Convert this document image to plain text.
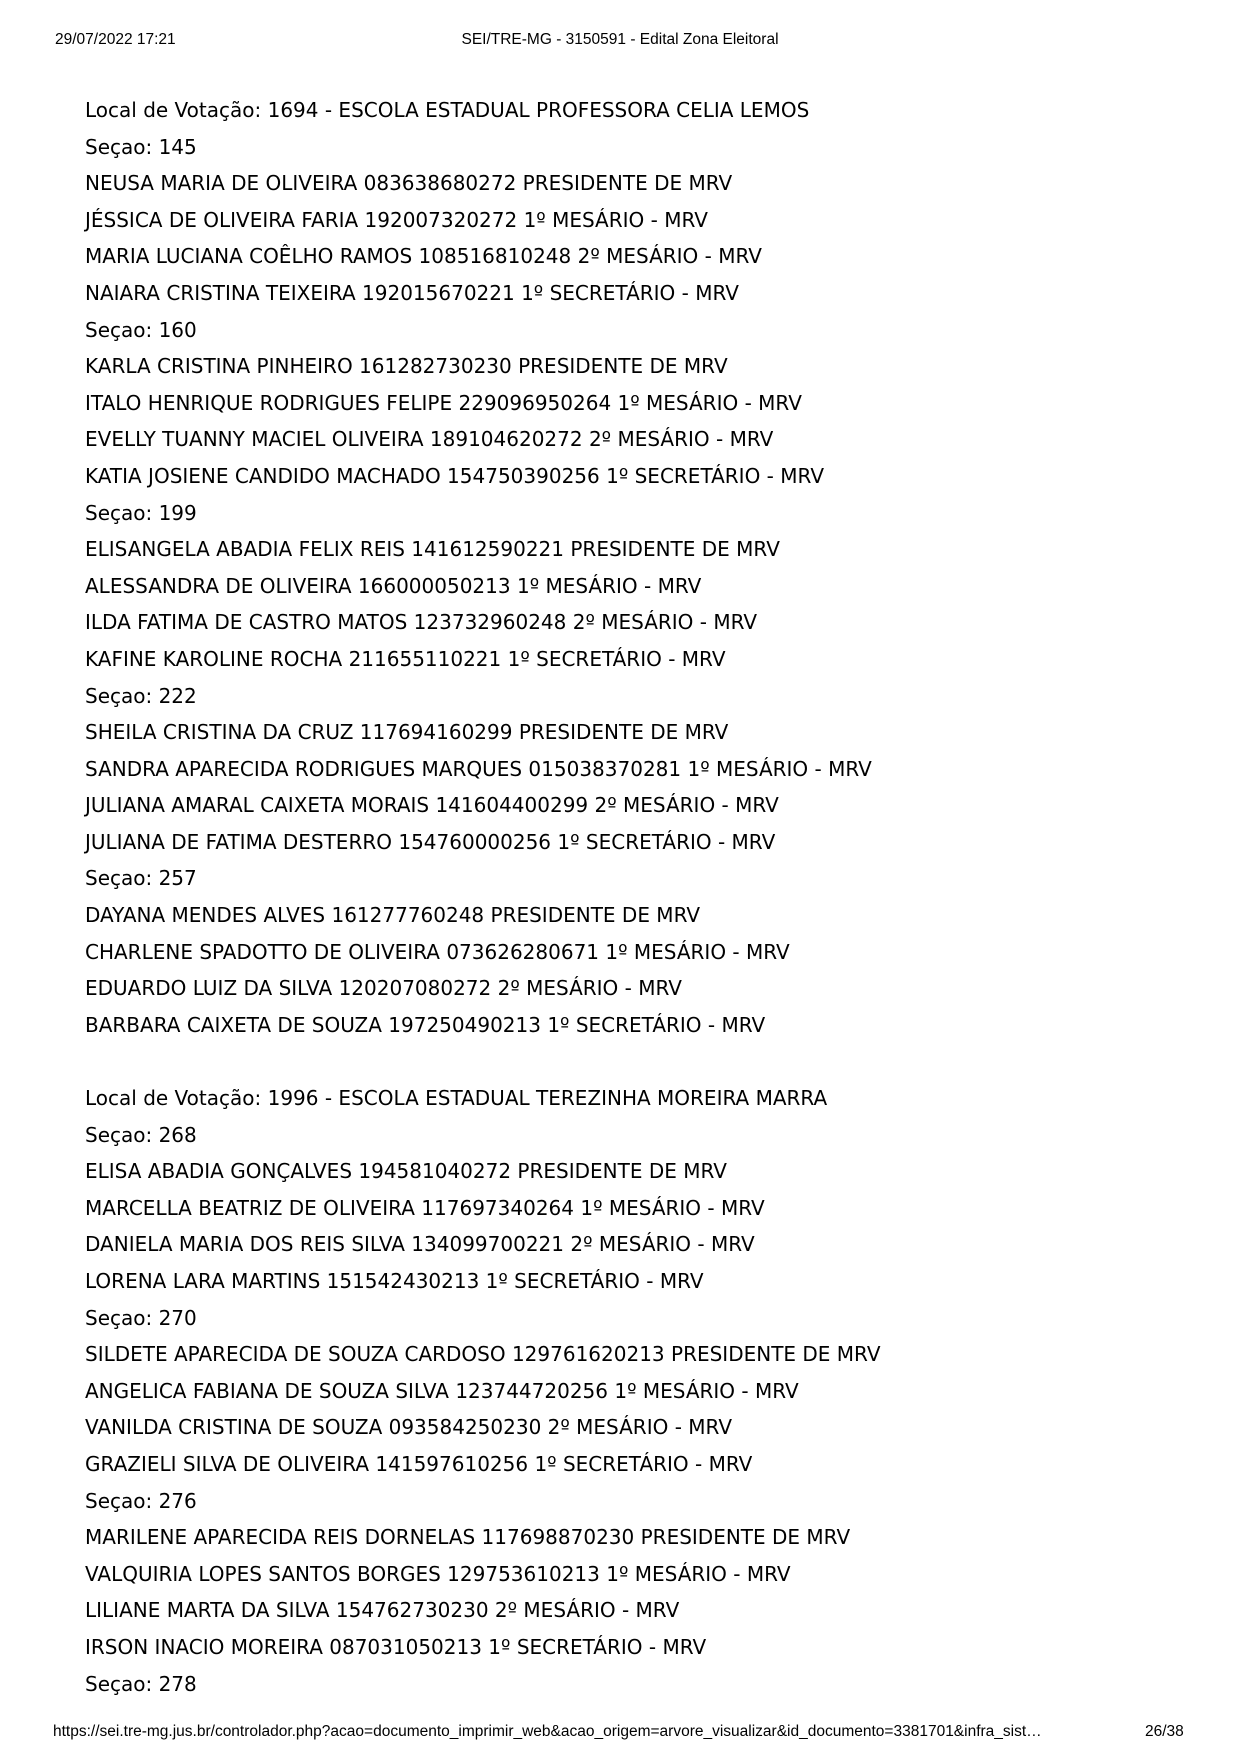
29/07/2022 17:21	SEI/TRE-MG - 3150591 - Edital Zona Eleitoral
Local de Votação: 1694 - ESCOLA ESTADUAL PROFESSORA CELIA LEMOS
Seçao: 145
NEUSA MARIA DE OLIVEIRA 083638680272 PRESIDENTE DE MRV
JÉSSICA DE OLIVEIRA FARIA 192007320272 1º MESÁRIO - MRV
MARIA LUCIANA COÊLHO RAMOS 108516810248 2º MESÁRIO - MRV
NAIARA CRISTINA TEIXEIRA 192015670221 1º SECRETÁRIO - MRV
Seçao: 160
KARLA CRISTINA PINHEIRO 161282730230 PRESIDENTE DE MRV
ITALO HENRIQUE RODRIGUES FELIPE 229096950264 1º MESÁRIO - MRV
EVELLY TUANNY MACIEL OLIVEIRA 189104620272 2º MESÁRIO - MRV
KATIA JOSIENE CANDIDO MACHADO 154750390256 1º SECRETÁRIO - MRV
Seçao: 199
ELISANGELA ABADIA FELIX REIS 141612590221 PRESIDENTE DE MRV
ALESSANDRA DE OLIVEIRA 166000050213 1º MESÁRIO - MRV
ILDA FATIMA DE CASTRO MATOS 123732960248 2º MESÁRIO - MRV
KAFINE KAROLINE ROCHA 211655110221 1º SECRETÁRIO - MRV
Seçao: 222
SHEILA CRISTINA DA CRUZ 117694160299 PRESIDENTE DE MRV
SANDRA APARECIDA RODRIGUES MARQUES 015038370281 1º MESÁRIO - MRV
JULIANA AMARAL CAIXETA MORAIS 141604400299 2º MESÁRIO - MRV
JULIANA DE FATIMA DESTERRO 154760000256 1º SECRETÁRIO - MRV
Seçao: 257
DAYANA MENDES ALVES 161277760248 PRESIDENTE DE MRV
CHARLENE SPADOTTO DE OLIVEIRA 073626280671 1º MESÁRIO - MRV
EDUARDO LUIZ DA SILVA 120207080272 2º MESÁRIO - MRV
BARBARA CAIXETA DE SOUZA 197250490213 1º SECRETÁRIO - MRV
Local de Votação: 1996 - ESCOLA ESTADUAL TEREZINHA MOREIRA MARRA
Seçao: 268
ELISA ABADIA GONÇALVES 194581040272 PRESIDENTE DE MRV
MARCELLA BEATRIZ DE OLIVEIRA 117697340264 1º MESÁRIO - MRV
DANIELA MARIA DOS REIS SILVA 134099700221 2º MESÁRIO - MRV
LORENA LARA MARTINS 151542430213 1º SECRETÁRIO - MRV
Seçao: 270
SILDETE APARECIDA DE SOUZA CARDOSO 129761620213 PRESIDENTE DE MRV
ANGELICA FABIANA DE SOUZA SILVA 123744720256 1º MESÁRIO - MRV
VANILDA CRISTINA DE SOUZA 093584250230 2º MESÁRIO - MRV
GRAZIELI SILVA DE OLIVEIRA 141597610256 1º SECRETÁRIO - MRV
Seçao: 276
MARILENE APARECIDA REIS DORNELAS 117698870230 PRESIDENTE DE MRV
VALQUIRIA LOPES SANTOS BORGES 129753610213 1º MESÁRIO - MRV
LILIANE MARTA DA SILVA 154762730230 2º MESÁRIO - MRV
IRSON INACIO MOREIRA 087031050213 1º SECRETÁRIO - MRV
Seçao: 278
https://sei.tre-mg.jus.br/controlador.php?acao=documento_imprimir_web&acao_origem=arvore_visualizar&id_documento=3381701&infra_sist…	26/38
